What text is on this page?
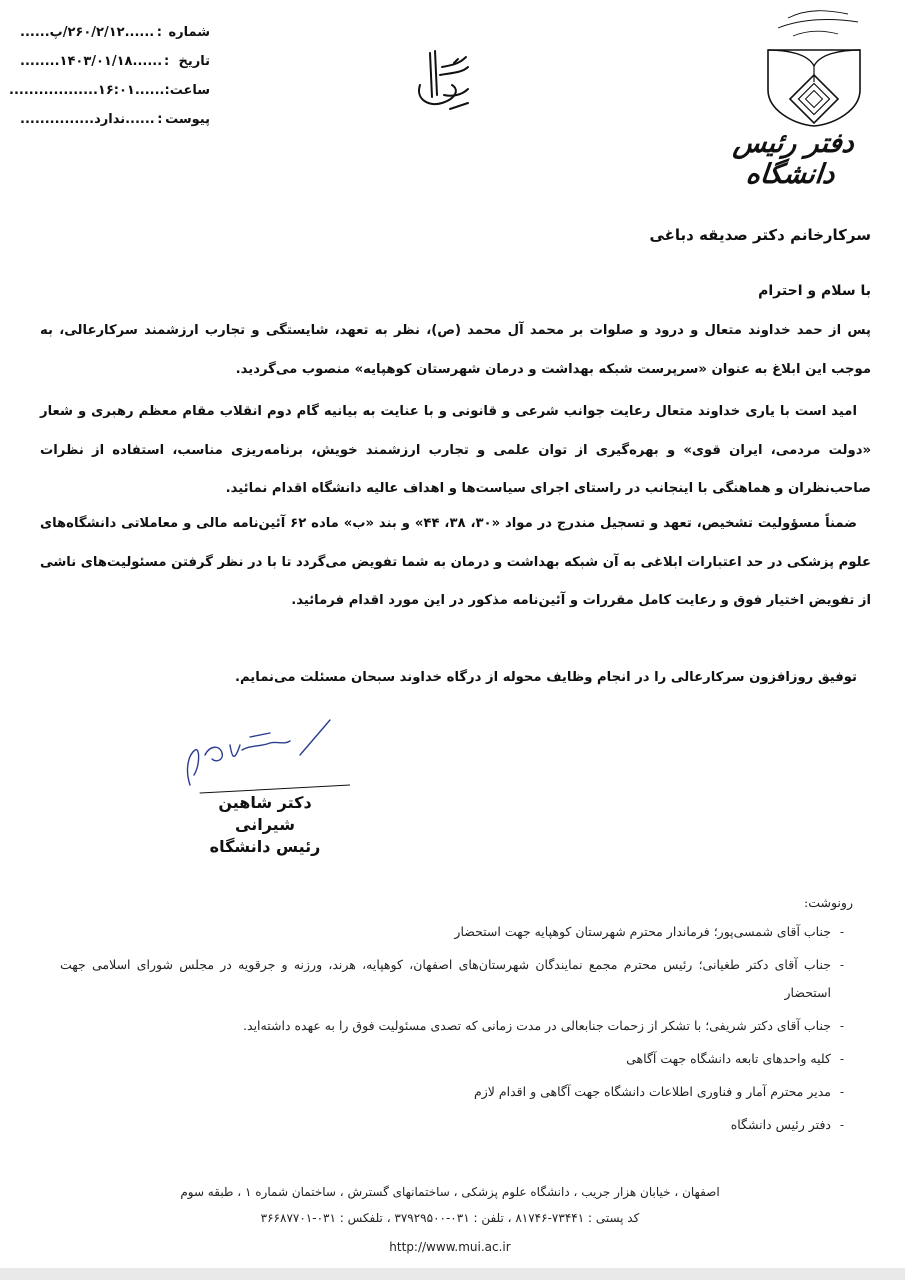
شماره
:
......۲۶۰/۲/۱۲/پ......
تاریخ
:
......۱۴۰۳/۰۱/۱۸........
ساعت
:
......۱۶:۰۱..................
پیوست
:
......ندارد...............
دفتر رئیس دانشگاه
سرکارخانم دکتر صدیقه دباغی
با سلام و احترام
پس از حمد خداوند متعال و درود و صلوات بر محمد آل محمد (ص)، نظر به تعهد، شایستگی و تجارب ارزشمند سرکارعالی، به موجب این ابلاغ به عنوان «سرپرست شبکه بهداشت و درمان شهرستان کوهپایه» منصوب می‌گردید.
امید است با یاری خداوند متعال رعایت جوانب شرعی و قانونی و با عنایت به بیانیه گام دوم انقلاب مقام معظم رهبری و شعار «دولت مردمی، ایران قوی» و بهره‌گیری از توان علمی و تجارب ارزشمند خویش، برنامه‌ریزی مناسب، استفاده از نظرات صاحب‌نظران و هماهنگی با اینجانب در راستای اجرای سیاست‌ها و اهداف عالیه دانشگاه اقدام نمائید.
ضمناً مسؤولیت تشخیص، تعهد و تسجیل مندرج در مواد «۳۰، ۳۸، ۴۴» و بند «ب» ماده ۶۲ آئین‌نامه مالی و معاملاتی دانشگاه‌های علوم پزشکی در حد اعتبارات ابلاغی به آن شبکه بهداشت و درمان به شما تفویض می‌گردد تا با در نظر گرفتن مسئولیت‌های ناشی از تفویض اختیار فوق و رعایت کامل مقررات و آئین‌نامه مذکور در این مورد اقدام فرمائید.
توفیق روزافزون سرکارعالی را در انجام وظایف محوله از درگاه خداوند سبحان مسئلت می‌نمایم.
دکتر شاهین شیرانی
رئیس دانشگاه
رونوشت:
-
جناب آقای شمسی‌پور؛ فرماندار محترم شهرستان کوهپایه جهت استحضار
-
جناب آقای دکتر طغیانی؛ رئیس محترم مجمع نمایندگان شهرستان‌های اصفهان، کوهپایه، هرند، ورزنه و جرقویه در مجلس شورای اسلامی جهت استحضار
-
جناب آقای دکتر شریفی؛ با تشکر از زحمات جنابعالی در مدت زمانی که تصدی مسئولیت فوق را به عهده داشته‌اید.
-
کلیه واحدهای تابعه دانشگاه جهت آگاهی
-
مدیر محترم آمار و فناوری اطلاعات دانشگاه جهت آگاهی و اقدام لازم
-
دفتر رئیس دانشگاه
اصفهان ، خیابان هزار جریب ، دانشگاه علوم پزشکی ، ساختمانهای گسترش ، ساختمان شماره ۱ ، طبقه سوم
کد پستی : ۷۳۴۴۱-۸۱۷۴۶ ، تلفن : ۰۳۱-۳۷۹۲۹۵۰۰ ، تلفکس : ۰۳۱-۳۶۶۸۷۷۰۱
http://www.mui.ac.ir
